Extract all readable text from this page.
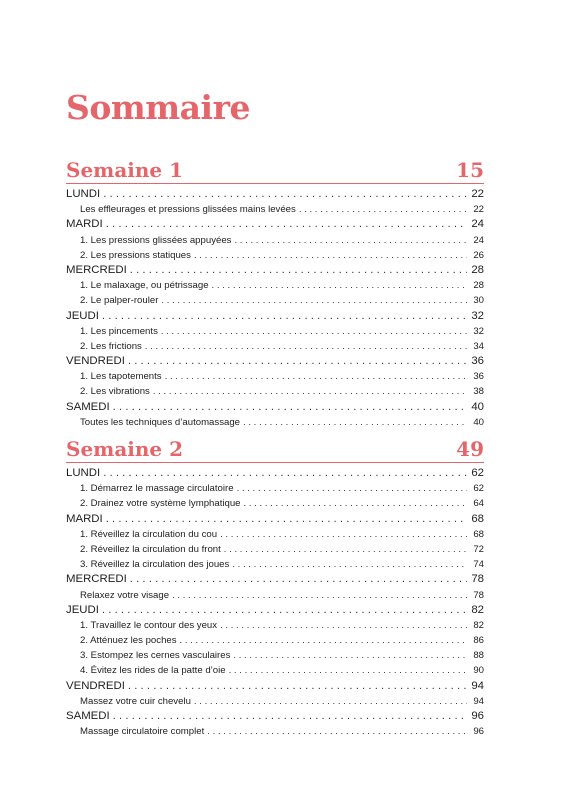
Sommaire
Semaine 1	15
LUNDI . . .	22
Les effleurages et pressions glissées mains levées . . .	22
MARDI . . .	24
1. Les pressions glissées appuyées . . .	24
2. Les pressions statiques . . .	26
MERCREDI . . .	28
1. Le malaxage, ou pétrissage . . .	28
2. Le palper-rouler . . .	30
JEUDI . . .	32
1. Les pincements . . .	32
2. Les frictions . . .	34
VENDREDI . . .	36
1. Les tapotements . . .	36
2. Les vibrations . . .	38
SAMEDI . . .	40
Toutes les techniques d’automassage . . .	40
Semaine 2	49
LUNDI . . .	62
1. Démarrez le massage circulatoire . . .	62
2. Drainez votre système lymphatique . . .	64
MARDI . . .	68
1. Réveillez la circulation du cou . . .	68
2. Réveillez la circulation du front . . .	72
3. Réveillez la circulation des joues . . .	74
MERCREDI . . .	78
Relaxez votre visage . . .	78
JEUDI . . .	82
1. Travaillez le contour des yeux . . .	82
2. Atténuez les poches . . .	86
3. Estompez les cernes vasculaires . . .	88
4. Évitez les rides de la patte d’oie . . .	90
VENDREDI . . .	94
Massez votre cuir chevelu . . .	94
SAMEDI . . .	96
Massage circulatoire complet . . .	96
